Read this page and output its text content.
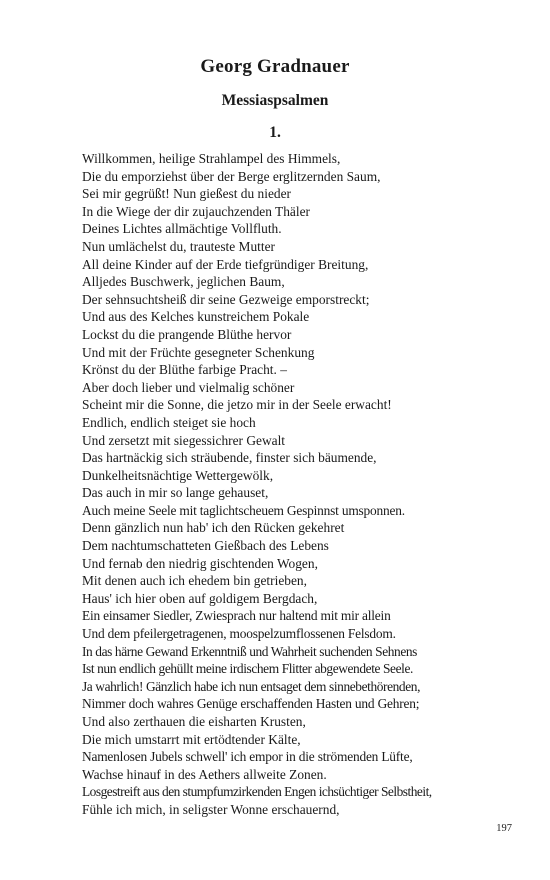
Georg Gradnauer
Messiaspsalmen
1.
Willkommen, heilige Strahlampel des Himmels,
Die du emporziehst über der Berge erglitzernden Saum,
Sei mir gegrüßt! Nun gießest du nieder
In die Wiege der dir zujauchzenden Thäler
Deines Lichtes allmächtige Vollfluth.
Nun umlächelst du, trauteste Mutter
All deine Kinder auf der Erde tiefgründiger Breitung,
Alljedes Buschwerk, jeglichen Baum,
Der sehnsuchtsheiß dir seine Gezweige emporstreckt;
Und aus des Kelches kunstreichem Pokale
Lockst du die prangende Blüthe hervor
Und mit der Früchte gesegneter Schenkung
Krönst du der Blüthe farbige Pracht. –
Aber doch lieber und vielmalig schöner
Scheint mir die Sonne, die jetzo mir in der Seele erwacht!
Endlich, endlich steiget sie hoch
Und zersetzt mit siegessichrer Gewalt
Das hartnäckig sich sträubende, finster sich bäumende,
Dunkelheitsnächtige Wettergewölk,
Das auch in mir so lange gehauset,
Auch meine Seele mit taglichtscheuem Gespinnst umsponnen.
Denn gänzlich nun hab' ich den Rücken gekehret
Dem nachtumschatteten Gießbach des Lebens
Und fernab den niedrig gischtenden Wogen,
Mit denen auch ich ehedem bin getrieben,
Haus' ich hier oben auf goldigem Bergdach,
Ein einsamer Siedler, Zwiesprach nur haltend mit mir allein
Und dem pfeilergetragenen, moospelzumflossenen Felsdom.
In das härne Gewand Erkenntniß und Wahrheit suchenden Sehnens
Ist nun endlich gehüllt meine irdischem Flitter abgewendete Seele.
Ja wahrlich! Gänzlich habe ich nun entsaget dem sinnebethörenden,
Nimmer doch wahres Genüge erschaffenden Hasten und Gehren;
Und also zerthauen die eisharten Krusten,
Die mich umstarrt mit ertödtender Kälte,
Namenlosen Jubels schwell' ich empor in die strömenden Lüfte,
Wachse hinauf in des Aethers allweite Zonen.
Losgestreift aus den stumpfumzirkenden Engen ichsüchtiger Selbstheit,
Fühle ich mich, in seligster Wonne erschauernd,
197
